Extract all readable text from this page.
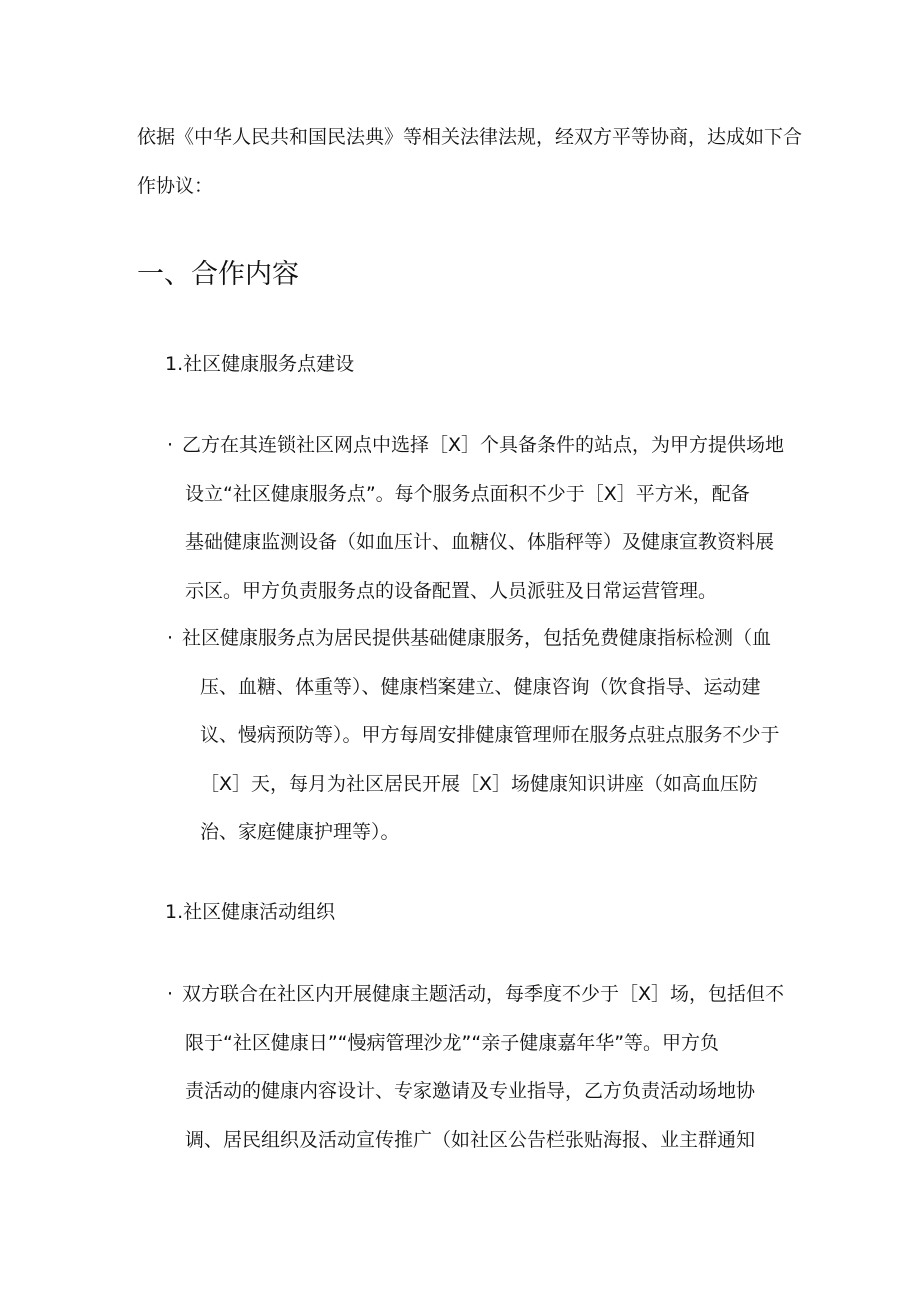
依据《中华人民共和国民法典》等相关法律法规，经双方平等协商，达成如下合
作协议：
一、合作内容
1.社区健康服务点建设
· 乙方在其连锁社区网点中选择［X］个具备条件的站点，为甲方提供场地
设立“社区健康服务点”。每个服务点面积不少于［X］平方米，配备
基础健康监测设备（如血压计、血糖仪、体脂秤等）及健康宣教资料展
示区。甲方负责服务点的设备配置、人员派驻及日常运营管理。
· 社区健康服务点为居民提供基础健康服务，包括免费健康指标检测（血
压、血糖、体重等）、健康档案建立、健康咨询（饮食指导、运动建
议、慢病预防等）。甲方每周安排健康管理师在服务点驻点服务不少于
［X］天，每月为社区居民开展［X］场健康知识讲座（如高血压防
治、家庭健康护理等）。
1.社区健康活动组织
· 双方联合在社区内开展健康主题活动，每季度不少于［X］场，包括但不
限于“社区健康日”“慢病管理沙龙”“亲子健康嘉年华”等。甲方负
责活动的健康内容设计、专家邀请及专业指导，乙方负责活动场地协
调、居民组织及活动宣传推广（如社区公告栏张贴海报、业主群通知
